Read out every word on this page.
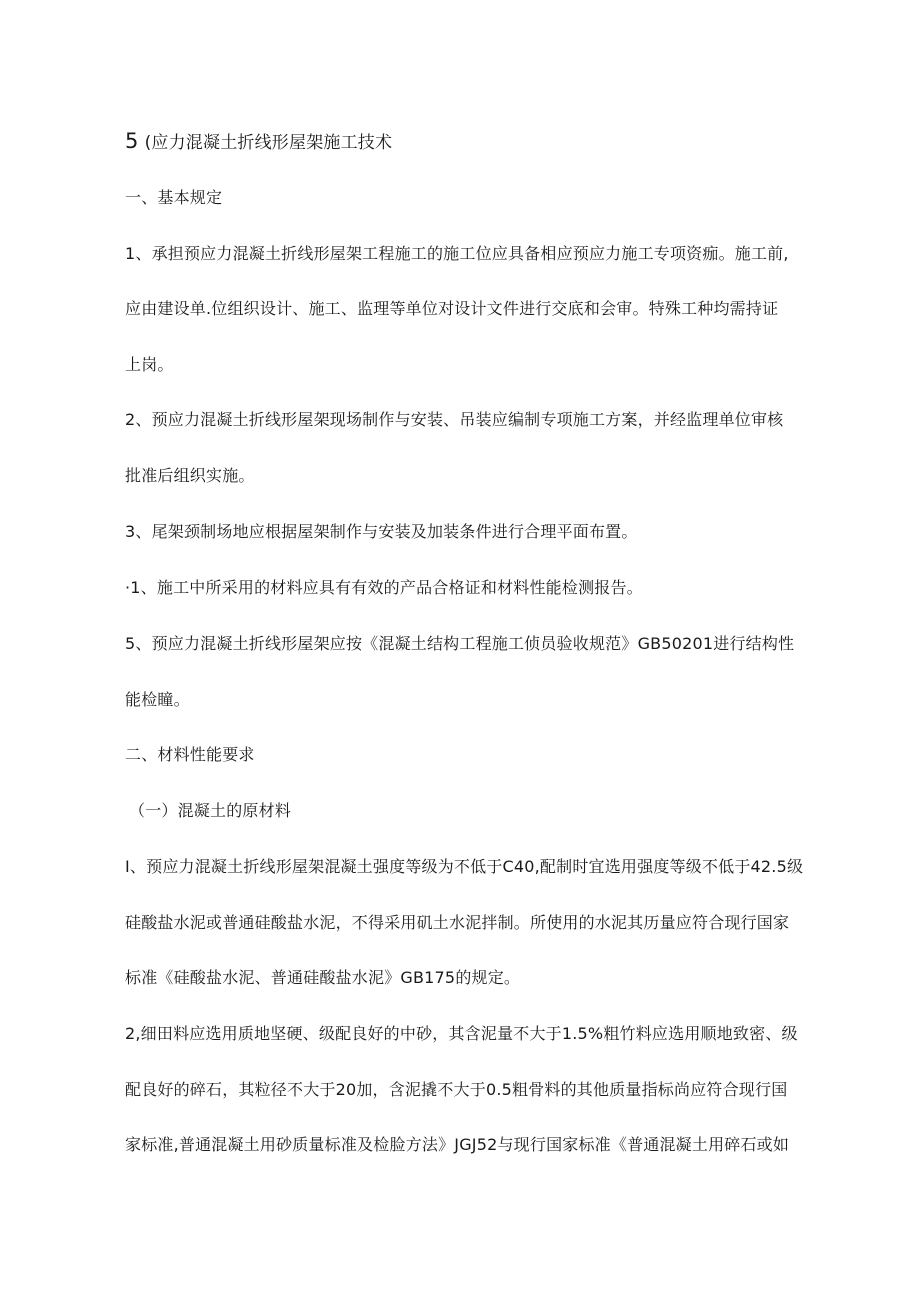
5 (应力混凝土折线形屋架施工技术
一、基本规定
1、承担预应力混凝土折线形屋架工程施工的施工位应具备相应预应力施工专项资痂。施工前,
应由建设单.位组织设计、施工、监理等单位对设计文件进行交底和会审。特殊工种均需持证
上岗。
2、预应力混凝土折线形屋架现场制作与安装、吊装应编制专项施工方案，并经监理单位审核
批准后组织实施。
3、尾架颈制场地应根据屋架制作与安装及加装条件进行合理平面布置。
·1、施工中所采用的材料应具有有效的产品合格证和材料性能检测报告。
5、预应力混凝土折线形屋架应按《混凝土结构工程施工侦员验收规范》GB50201进行结构性
能检瞳。
二、材料性能要求
（一）混凝土的原材料
I、预应力混凝土折线形屋架混凝土强度等级为不低于C40,配制时宜选用强度等级不低于42.5级
硅酸盐水泥或普通硅酸盐水泥，不得采用矶土水泥拌制。所使用的水泥其历量应符合现行国家
标准《硅酸盐水泥、普通硅酸盐水泥》GB175的规定。
2,细田料应选用质地坚硬、级配良好的中砂，其含泥量不大于1.5%粗竹料应选用顺地致密、级
配良好的碎石，其粒径不大于20加，含泥撬不大于0.5粗骨料的其他质量指标尚应符合现行国
家标准,普通混凝土用砂质量标准及检脸方法》JGJ52与现行国家标准《普通混凝土用碎石或如
